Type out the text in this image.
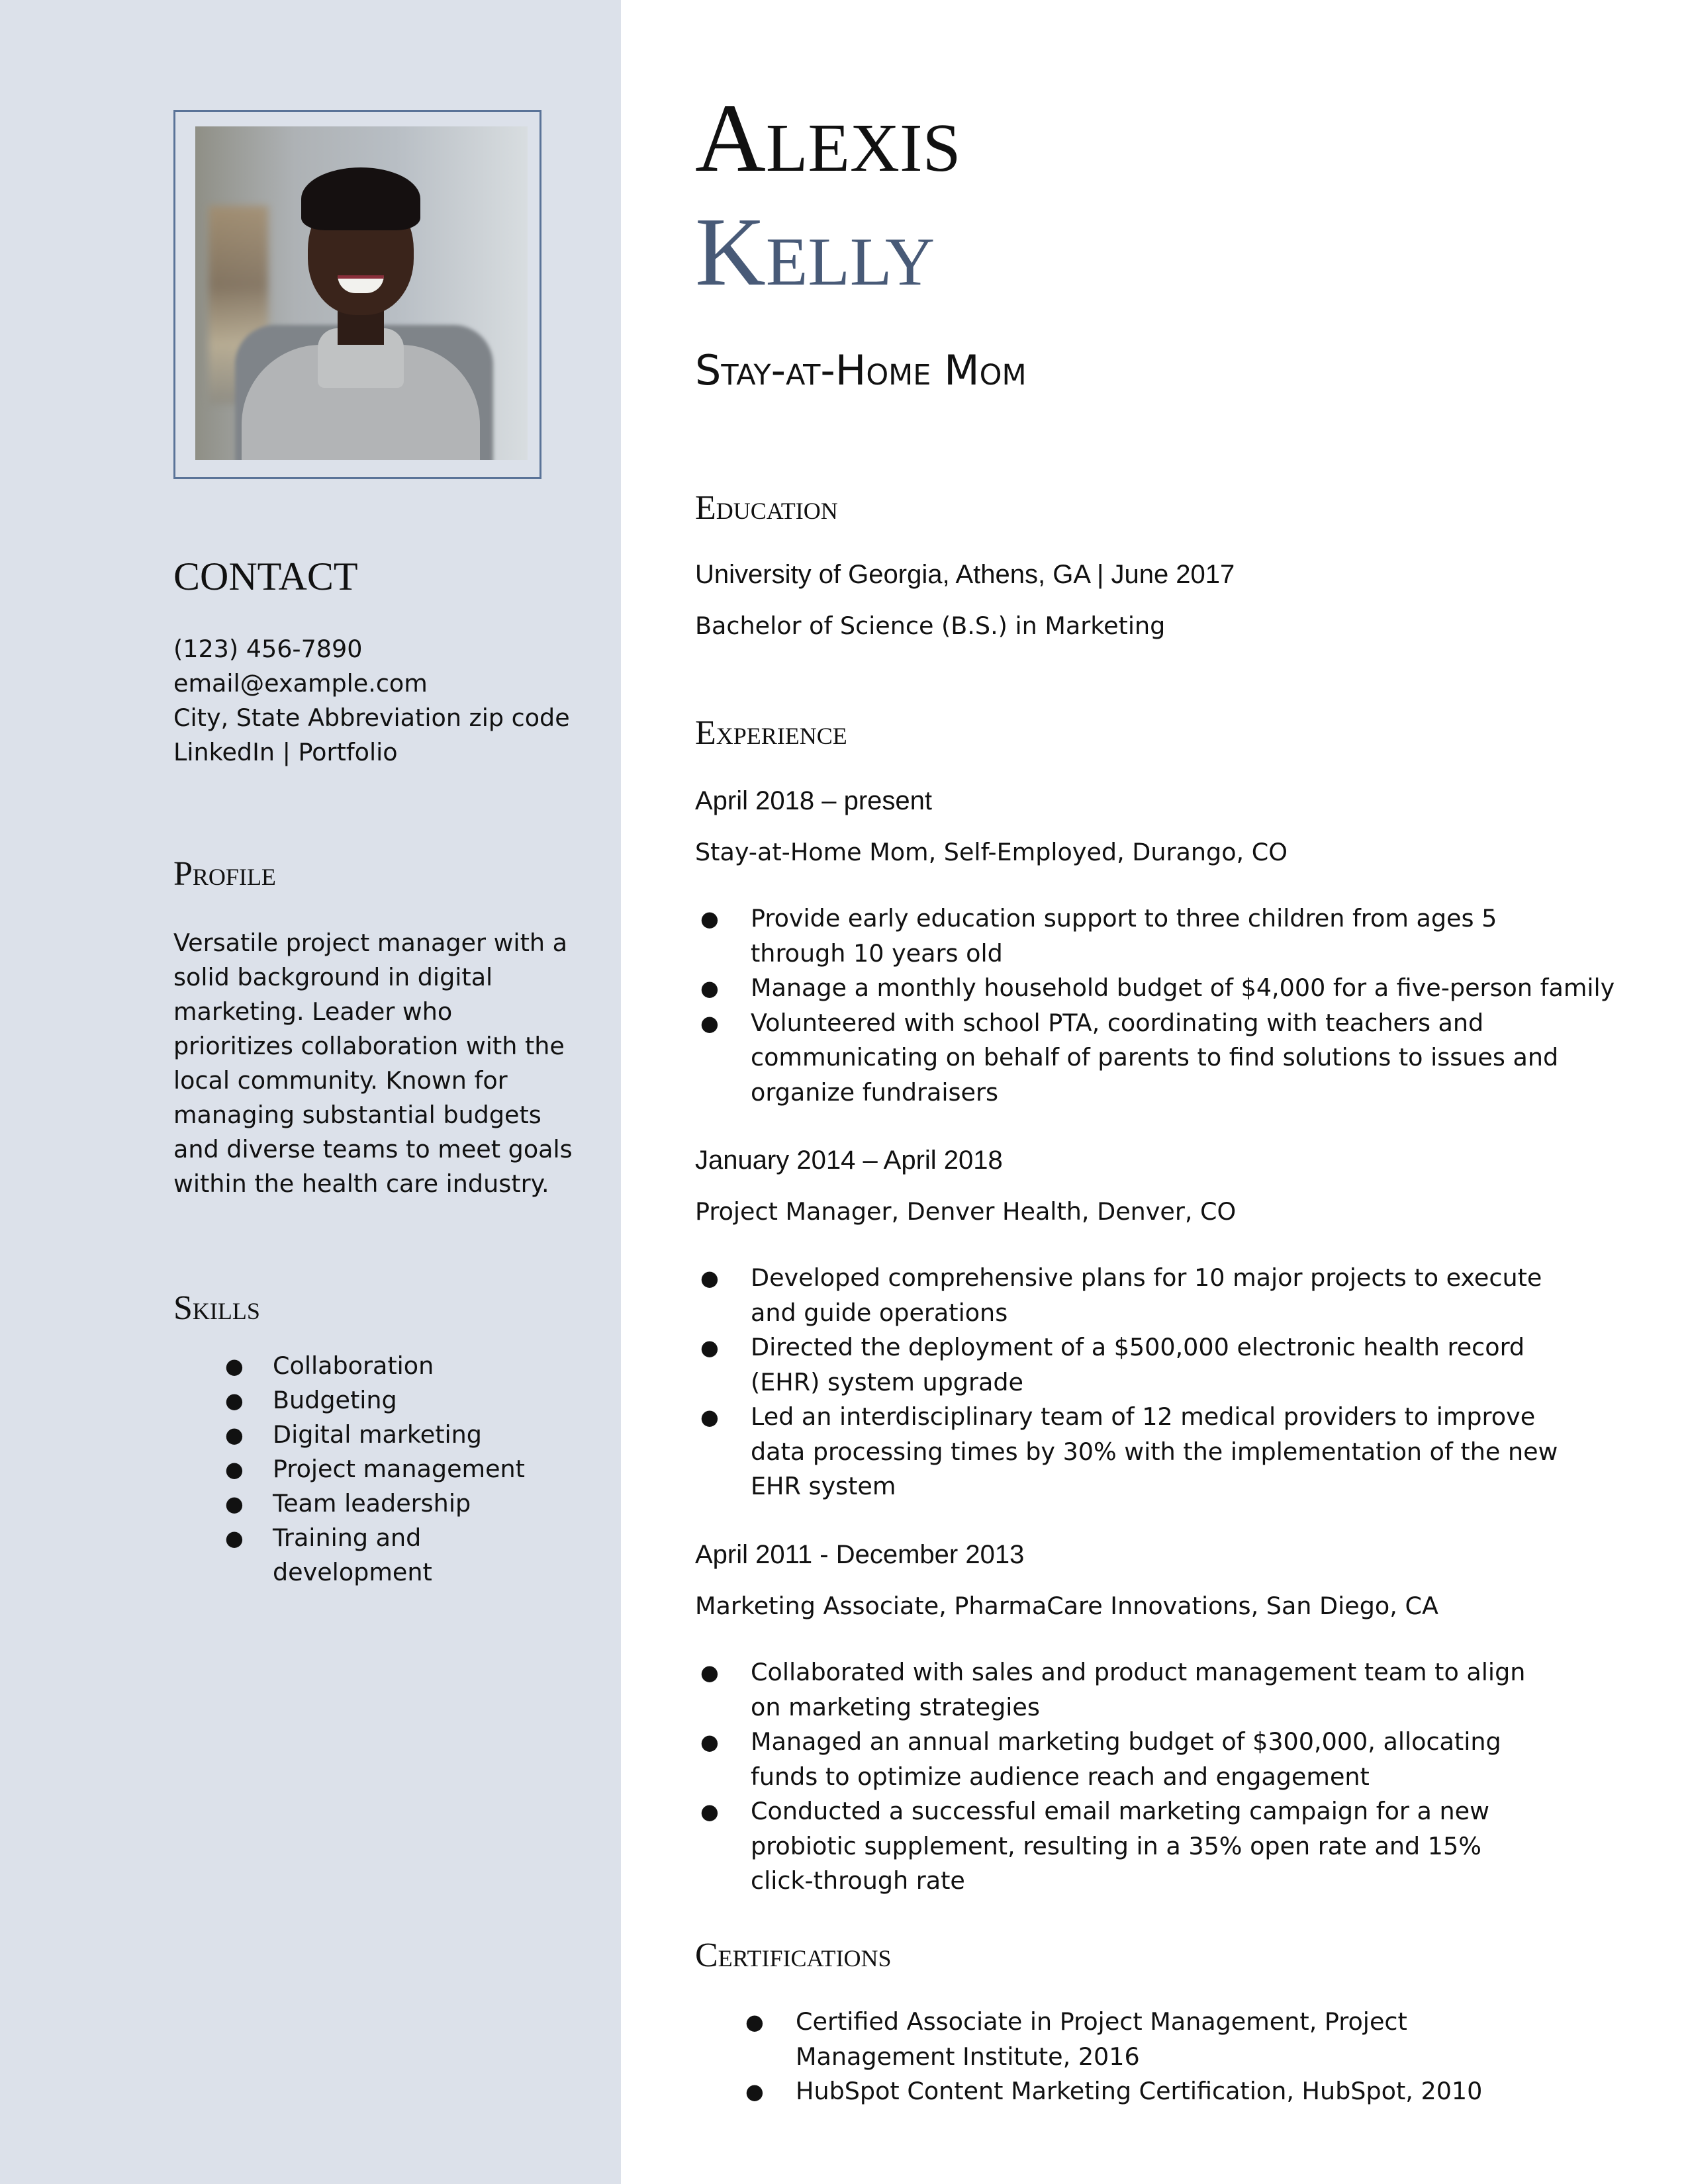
CONTACT
(123) 456-7890
email@example.com
City, State Abbreviation zip code
LinkedIn | Portfolio
Profile
Versatile project manager with a
solid background in digital
marketing. Leader who
prioritizes collaboration with the
local community. Known for
managing substantial budgets
and diverse teams to meet goals
within the health care industry.
Skills
● Collaboration
● Budgeting
● Digital marketing
● Project management
● Team leadership
● Training and
development
Alexis
Kelly
Stay-at-Home Mom
Education

University of Georgia, Athens, GA | June 2017

Bachelor of Science (B.S.) in Marketing

Experience

April 2018 – present

Stay-at-Home Mom, Self-Employed, Durango, CO

● Provide early education support to three children from ages 5
through 10 years old
● Manage a monthly household budget of $4,000 for a five-person family
● Volunteered with school PTA, coordinating with teachers and
communicating on behalf of parents to find solutions to issues and
organize fundraisers

January 2014 – April 2018

Project Manager, Denver Health, Denver, CO

● Developed comprehensive plans for 10 major projects to execute
and guide operations
● Directed the deployment of a $500,000 electronic health record
(EHR) system upgrade
● Led an interdisciplinary team of 12 medical providers to improve
data processing times by 30% with the implementation of the new
EHR system

April 2011 - December 2013

Marketing Associate, PharmaCare Innovations, San Diego, CA

● Collaborated with sales and product management team to align
on marketing strategies
● Managed an annual marketing budget of $300,000, allocating
funds to optimize audience reach and engagement
● Conducted a successful email marketing campaign for a new
probiotic supplement, resulting in a 35% open rate and 15%
click-through rate
Certifications
● Certified Associate in Project Management, Project
Management Institute, 2016
● HubSpot Content Marketing Certification, HubSpot, 2010
